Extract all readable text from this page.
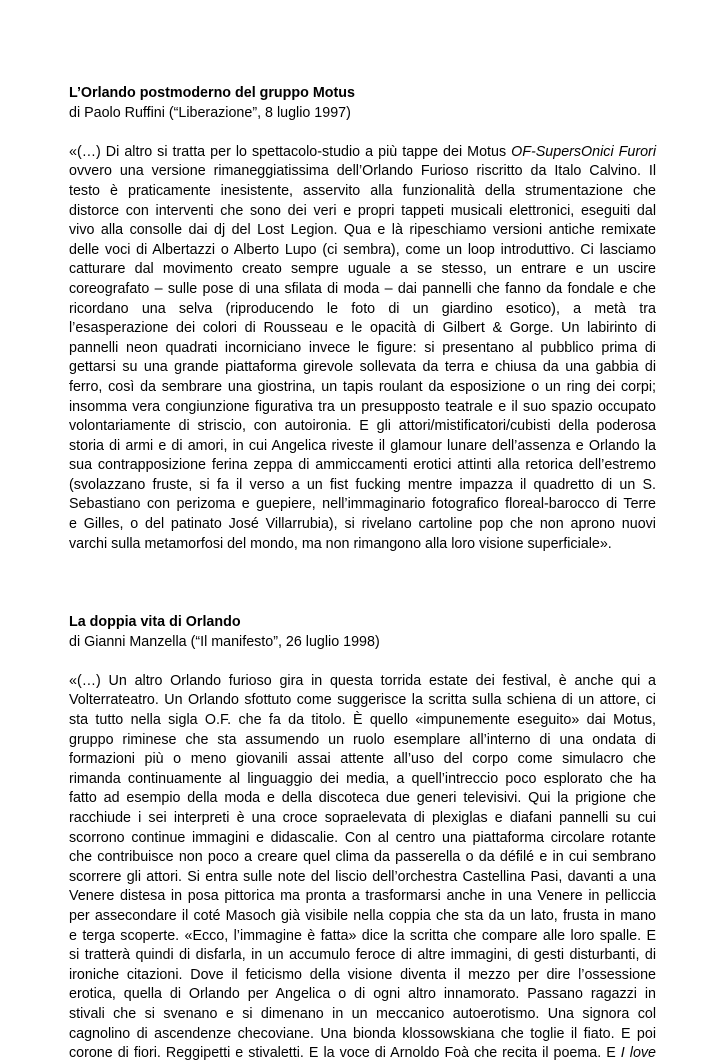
L’Orlando postmoderno del gruppo Motus

di Paolo Ruffini (“Liberazione”, 8 luglio 1997)

«(…) Di altro si tratta per lo spettacolo-studio a più tappe dei Motus OF-SupersOnici Furori
ovvero una versione rimaneggiatissima dell’Orlando Furioso riscritto da Italo Calvino. Il
testo è praticamente inesistente, asservito alla funzionalità della strumentazione che
distorce con interventi che sono dei veri e propri tappeti musicali elettronici, eseguiti dal
vivo alla consolle dai dj del Lost Legion. Qua e là ripeschiamo versioni antiche remixate
delle voci di Albertazzi o Alberto Lupo (ci sembra), come un loop introduttivo. Ci lasciamo
catturare dal movimento creato sempre uguale a se stesso, un entrare e un uscire
coreografato – sulle pose di una sfilata di moda – dai pannelli che fanno da fondale e che
ricordano una selva (riproducendo le foto di un giardino esotico), a metà tra
l’esasperazione dei colori di Rousseau e le opacità di Gilbert & Gorge. Un labirinto di
pannelli neon quadrati incorniciano invece le figure: si presentano al pubblico prima di
gettarsi su una grande piattaforma girevole sollevata da terra e chiusa da una gabbia di
ferro, così da sembrare una giostrina, un tapis roulant da esposizione o un ring dei corpi;
insomma vera congiunzione figurativa tra un presupposto teatrale e il suo spazio occupato
volontariamente di striscio, con autoironia. E gli attori/mistificatori/cubisti della poderosa
storia di armi e di amori, in cui Angelica riveste il glamour lunare dell’assenza e Orlando la
sua contrapposizione ferina zeppa di ammiccamenti erotici attinti alla retorica dell’estremo
(svolazzano fruste, si fa il verso a un fist fucking mentre impazza il quadretto di un S.
Sebastiano con perizoma e guepiere, nell’immaginario fotografico floreal-barocco di Terre
e Gilles, o del patinato José Villarrubia), si rivelano cartoline pop che non aprono nuovi
varchi sulla metamorfosi del mondo, ma non rimangono alla loro visione superficiale».

La doppia vita di Orlando

di Gianni Manzella (“Il manifesto”, 26 luglio 1998)

«(…) Un altro Orlando furioso gira in questa torrida estate dei festival, è anche qui a
Volterrateatro. Un Orlando sfottuto come suggerisce la scritta sulla schiena di un attore, ci
sta tutto nella sigla O.F. che fa da titolo. È quello «impunemente eseguito» dai Motus,
gruppo riminese che sta assumendo un ruolo esemplare all’interno di una ondata di
formazioni più o meno giovanili assai attente all’uso del corpo come simulacro che
rimanda continuamente al linguaggio dei media, a quell’intreccio poco esplorato che ha
fatto ad esempio della moda e della discoteca due generi televisivi. Qui la prigione che
racchiude i sei interpreti è una croce sopraelevata di plexiglas e diafani pannelli su cui
scorrono continue immagini e didascalie. Con al centro una piattaforma circolare rotante
che contribuisce non poco a creare quel clima da passerella o da défilé e in cui sembrano
scorrere gli attori. Si entra sulle note del liscio dell’orchestra Castellina Pasi, davanti a una
Venere distesa in posa pittorica ma pronta a trasformarsi anche in una Venere in pelliccia
per assecondare il coté Masoch già visibile nella coppia che sta da un lato, frusta in mano
e terga scoperte. «Ecco, l’immagine è fatta» dice la scritta che compare alle loro spalle. E
si tratterà quindi di disfarla, in un accumulo feroce di altre immagini, di gesti disturbanti, di
ironiche citazioni. Dove il feticismo della visione diventa il mezzo per dire l’ossessione
erotica, quella di Orlando per Angelica o di ogni altro innamorato. Passano ragazzi in
stivali che si svenano e si dimenano in un meccanico autoerotismo. Una signora col
cagnolino di ascendenze checoviane. Una bionda klossowskiana che toglie il fiato. E poi
corone di fiori. Reggipetti e stivaletti. E la voce di Arnoldo Foà che recita il poema. E I love
